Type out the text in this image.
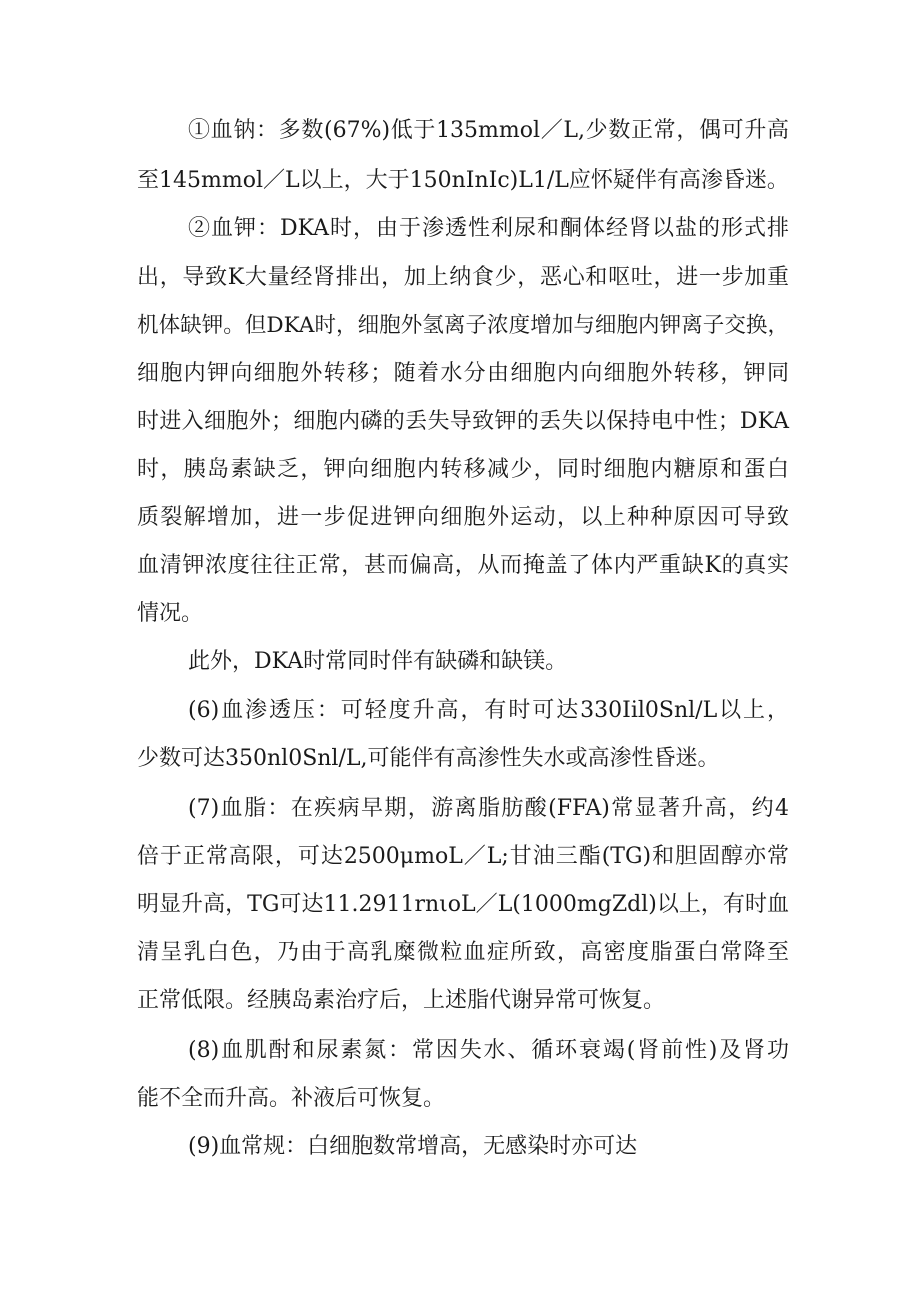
①血钠：多数(67%)低于135mmol／L,少数正常，偶可升高
至145mmol／L以上，大于150nInIc)L1/L应怀疑伴有高渗昏迷。
②血钾：DKA时，由于渗透性利尿和酮体经肾以盐的形式排
出，导致K大量经肾排出，加上纳食少，恶心和呕吐，进一步加重
机体缺钾。但DKA时，细胞外氢离子浓度增加与细胞内钾离子交换，
细胞内钾向细胞外转移；随着水分由细胞内向细胞外转移，钾同
时进入细胞外；细胞内磷的丢失导致钾的丢失以保持电中性；DKA
时，胰岛素缺乏，钾向细胞内转移减少，同时细胞内糖原和蛋白
质裂解增加，进一步促进钾向细胞外运动，以上种种原因可导致
血清钾浓度往往正常，甚而偏高，从而掩盖了体内严重缺K的真实
情况。
此外，DKA时常同时伴有缺磷和缺镁。
(6)血渗透压：可轻度升高，有时可达330Iil0Snl/L以上，
少数可达350nl0Snl/L,可能伴有高渗性失水或高渗性昏迷。
(7)血脂：在疾病早期，游离脂肪酸(FFA)常显著升高，约4
倍于正常高限，可达2500μmoL／L;甘油三酯(TG)和胆固醇亦常
明显升高，TG可达11.2911rnιoL／L(1000mgZdl)以上，有时血
清呈乳白色，乃由于高乳糜微粒血症所致，高密度脂蛋白常降至
正常低限。经胰岛素治疗后，上述脂代谢异常可恢复。
(8)血肌酎和尿素氮：常因失水、循环衰竭(肾前性)及肾功
能不全而升高。补液后可恢复。
(9)血常规：白细胞数常增高，无感染时亦可达
